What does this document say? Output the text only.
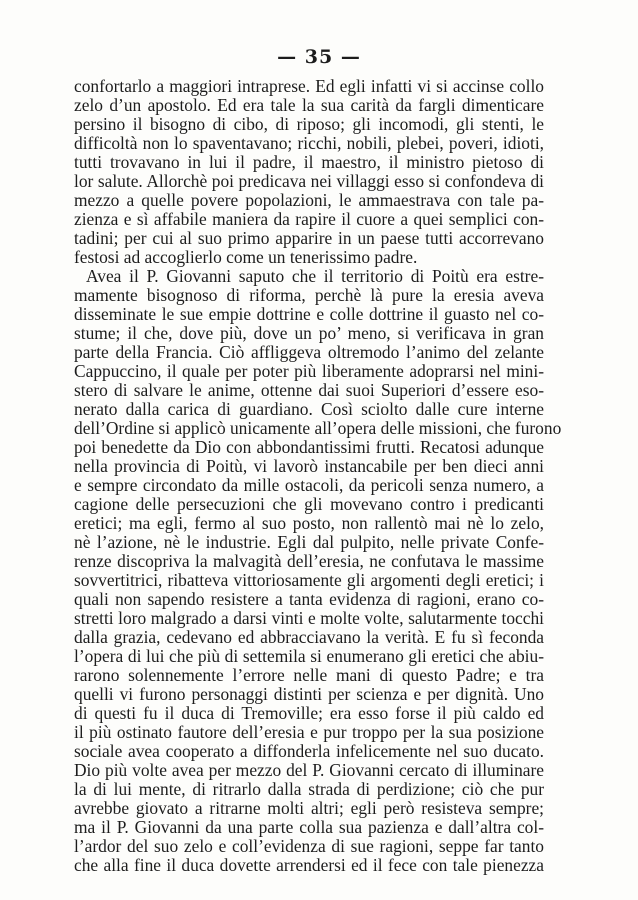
— 35 —
confortarlo a maggiori intraprese. Ed egli infatti vi si accinse collo
zelo d’un apostolo. Ed era tale la sua carità da fargli dimenticare
persino il bisogno di cibo, di riposo; gli incomodi, gli stenti, le
difficoltà non lo spaventavano; ricchi, nobili, plebei, poveri, idioti,
tutti trovavano in lui il padre, il maestro, il ministro pietoso di
lor salute. Allorchè poi predicava nei villaggi esso si confondeva di
mezzo a quelle povere popolazioni, le ammaestrava con tale pa-
zienza e sì affabile maniera da rapire il cuore a quei semplici con-
tadini; per cui al suo primo apparire in un paese tutti accorrevano
festosi ad accoglierlo come un tenerissimo padre.
Avea il P. Giovanni saputo che il territorio di Poitù era estre-
mamente bisognoso di riforma, perchè là pure la eresia aveva
disseminate le sue empie dottrine e colle dottrine il guasto nel co-
stume; il che, dove più, dove un po’ meno, si verificava in gran
parte della Francia. Ciò affliggeva oltremodo l’animo del zelante
Cappuccino, il quale per poter più liberamente adoprarsi nel mini-
stero di salvare le anime, ottenne dai suoi Superiori d’essere eso-
nerato dalla carica di guardiano. Così sciolto dalle cure interne
dell’Ordine si applicò unicamente all’opera delle missioni, che furono
poi benedette da Dio con abbondantissimi frutti. Recatosi adunque
nella provincia di Poitù, vi lavorò instancabile per ben dieci anni
e sempre circondato da mille ostacoli, da pericoli senza numero, a
cagione delle persecuzioni che gli movevano contro i predicanti
eretici; ma egli, fermo al suo posto, non rallentò mai nè lo zelo,
nè l’azione, nè le industrie. Egli dal pulpito, nelle private Confe-
renze discopriva la malvagità dell’eresia, ne confutava le massime
sovvertitrici, ribatteva vittoriosamente gli argomenti degli eretici; i
quali non sapendo resistere a tanta evidenza di ragioni, erano co-
stretti loro malgrado a darsi vinti e molte volte, salutarmente tocchi
dalla grazia, cedevano ed abbracciavano la verità. E fu sì feconda
l’opera di lui che più di settemila si enumerano gli eretici che abiu-
rarono solennemente l’errore nelle mani di questo Padre; e tra
quelli vi furono personaggi distinti per scienza e per dignità. Uno
di questi fu il duca di Tremoville; era esso forse il più caldo ed
il più ostinato fautore dell’eresia e pur troppo per la sua posizione
sociale avea cooperato a diffonderla infelicemente nel suo ducato.
Dio più volte avea per mezzo del P. Giovanni cercato di illuminare
la di lui mente, di ritrarlo dalla strada di perdizione; ciò che pur
avrebbe giovato a ritrarne molti altri; egli però resisteva sempre;
ma il P. Giovanni da una parte colla sua pazienza e dall’altra col-
l’ardor del suo zelo e coll’evidenza di sue ragioni, seppe far tanto
che alla fine il duca dovette arrendersi ed il fece con tale pienezza
